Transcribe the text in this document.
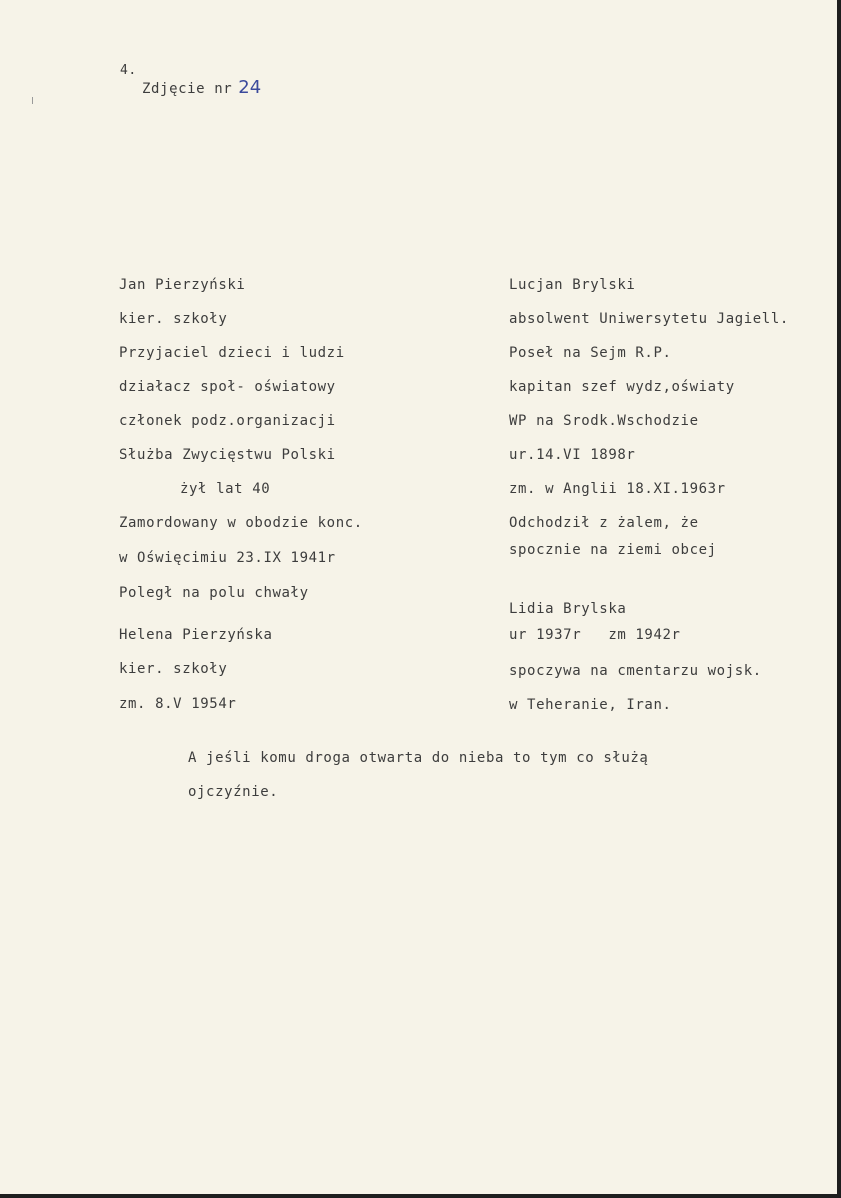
4.
Zdjęcie nr 24
Jan Pierzyński
kier. szkoły
Przyjaciel dzieci i ludzi
działacz społ- oświatowy
członek podz.organizacji
Służba Zwycięstwu Polski
żył lat 40
Zamordowany w obodzie konc.
w Oświęcimiu 23.IX 1941r
Poległ na polu chwały
Helena Pierzyńska
kier. szkoły
zm. 8.V 1954r
Lucjan Brylski
absolwent Uniwersytetu Jagiell.
Poseł na Sejm R.P.
kapitan szef wydz,oświaty
WP na Srodk.Wschodzie
ur.14.VI 1898r
zm. w Anglii 18.XI.1963r
Odchodził z żalem, że
spocznie na ziemi obcej
Lidia Brylska
ur 1937r   zm 1942r
spoczywa na cmentarzu wojsk.
w Teheranie, Iran.
A jeśli komu droga otwarta do nieba to tym co służą
ojczyźnie.
